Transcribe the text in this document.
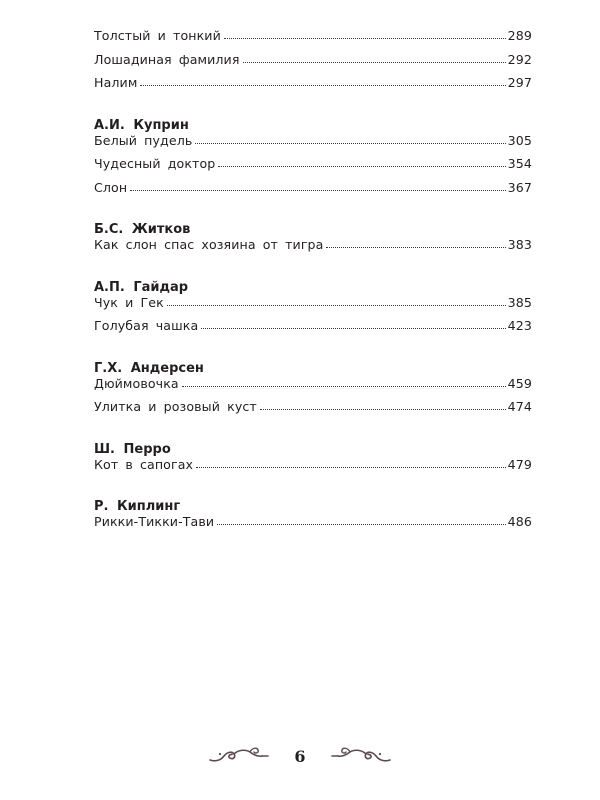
Толстый и тонкий	289
Лошадиная фамилия	292
Налим	297
А.И. Куприн
Белый пудель	305
Чудесный доктор	354
Слон	367
Б.С. Житков
Как слон спас хозяина от тигра	383
А.П. Гайдар
Чук и Гек	385
Голубая чашка	423
Г.Х. Андерсен
Дюймовочка	459
Улитка и розовый куст	474
Ш. Перро
Кот в сапогах	479
Р. Киплинг
Рикки-Тикки-Тави	486
6
